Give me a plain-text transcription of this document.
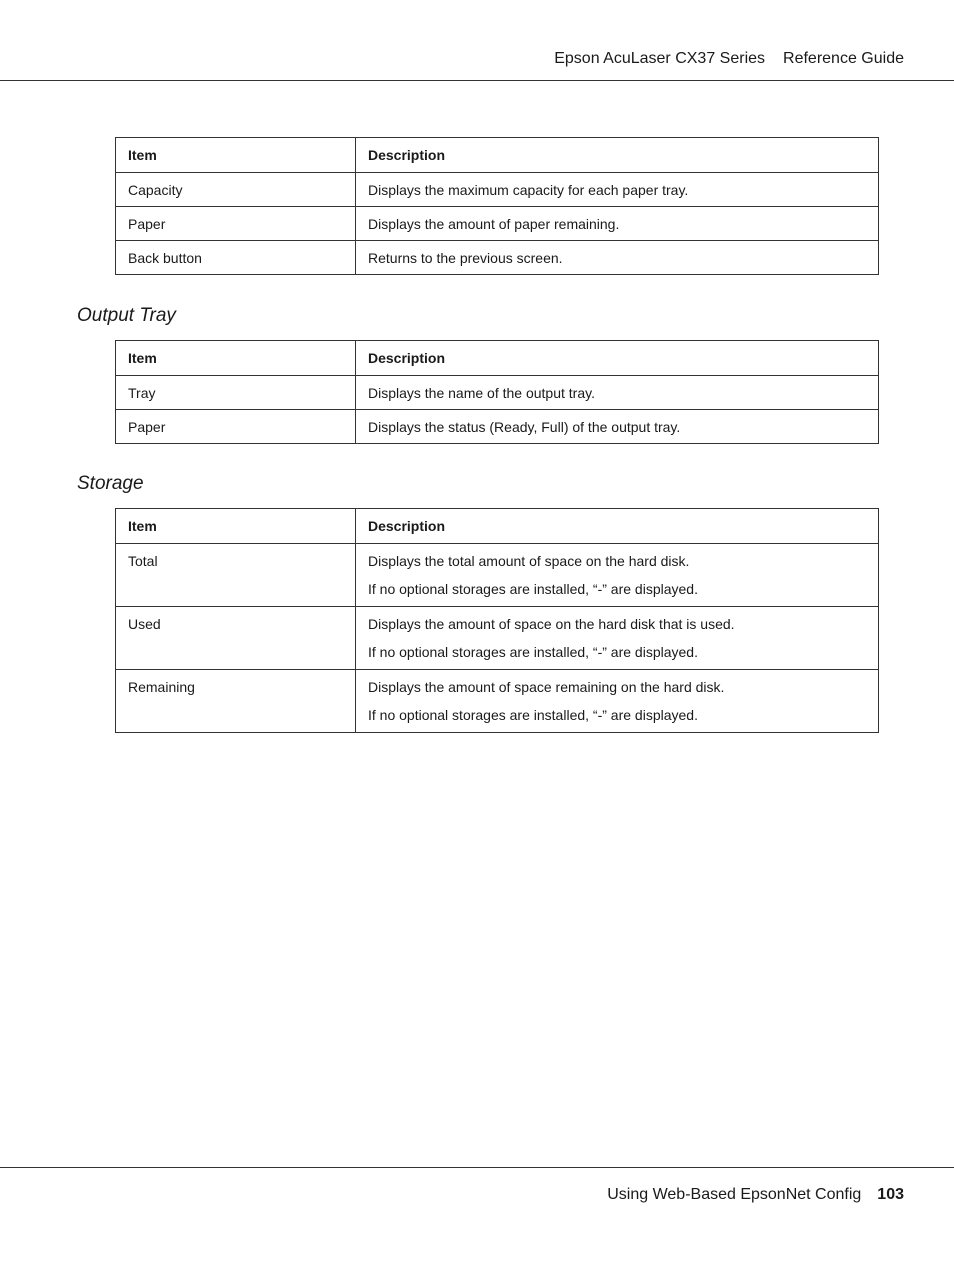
Epson AcuLaser CX37 Series Reference Guide
Item	Description
Capacity	Displays the maximum capacity for each paper tray.
Paper	Displays the amount of paper remaining.
Back button	Returns to the previous screen.
Output Tray
Item	Description
Tray	Displays the name of the output tray.
Paper	Displays the status (Ready, Full) of the output tray.
Storage
Item	Description
Total	Displays the total amount of space on the hard disk.

If no optional storages are installed, “-” are displayed.

Used	Displays the amount of space on the hard disk that is used.

If no optional storages are installed, “-” are displayed.

Remaining	Displays the amount of space remaining on the hard disk.

If no optional storages are installed, “-” are displayed.

Using Web-Based EpsonNet Config 103
